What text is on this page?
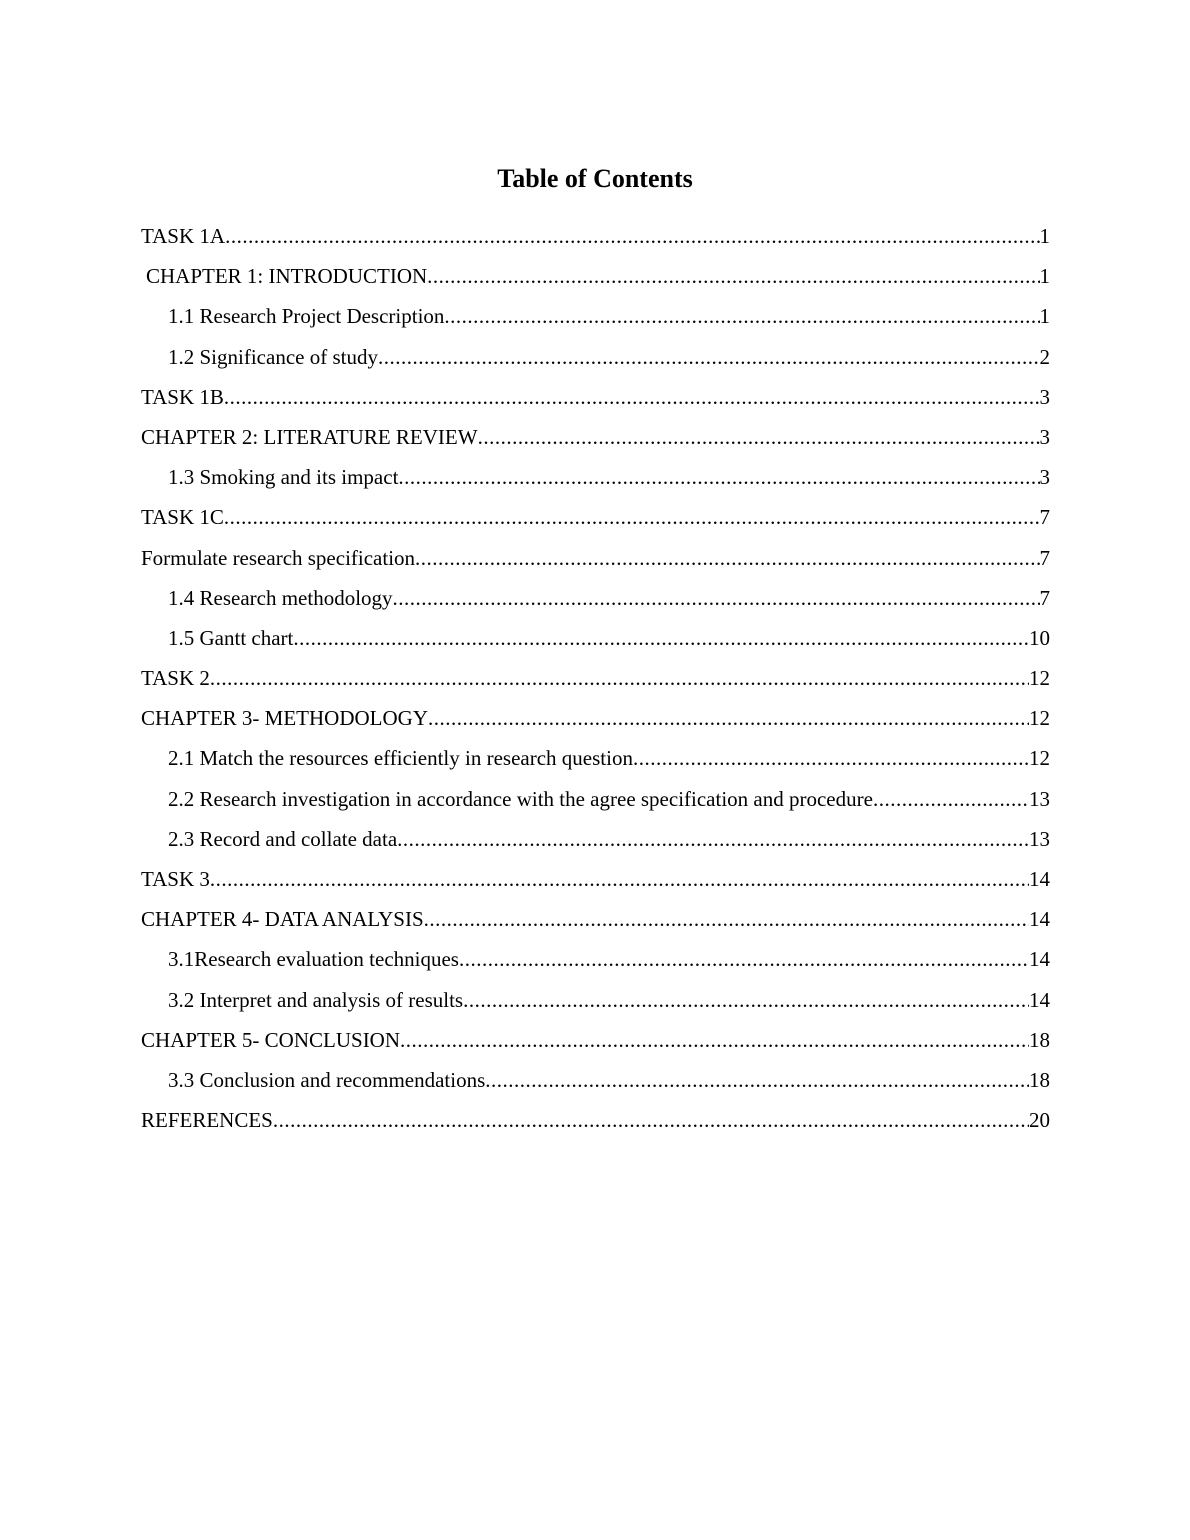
Table of Contents
TASK 1A .....	1
CHAPTER 1: INTRODUCTION .....	1
1.1 Research Project Description .....	1
1.2 Significance of study .....	2
TASK 1B .....	3
CHAPTER 2: LITERATURE REVIEW .....	3
1.3 Smoking and its impact .....	3
TASK 1C .....	7
Formulate research specification .....	7
1.4 Research methodology .....	7
1.5 Gantt chart .....	10
TASK 2 .....	12
CHAPTER 3- METHODOLOGY .....	12
2.1 Match the resources efficiently in research question .....	12
2.2 Research investigation in accordance with the agree specification and procedure .....	13
2.3 Record and collate data .....	13
TASK 3 .....	14
CHAPTER 4- DATA ANALYSIS .....	14
3.1Research evaluation techniques .....	14
3.2 Interpret and analysis of results .....	14
CHAPTER 5- CONCLUSION .....	18
3.3 Conclusion and recommendations .....	18
REFERENCES .....	20
